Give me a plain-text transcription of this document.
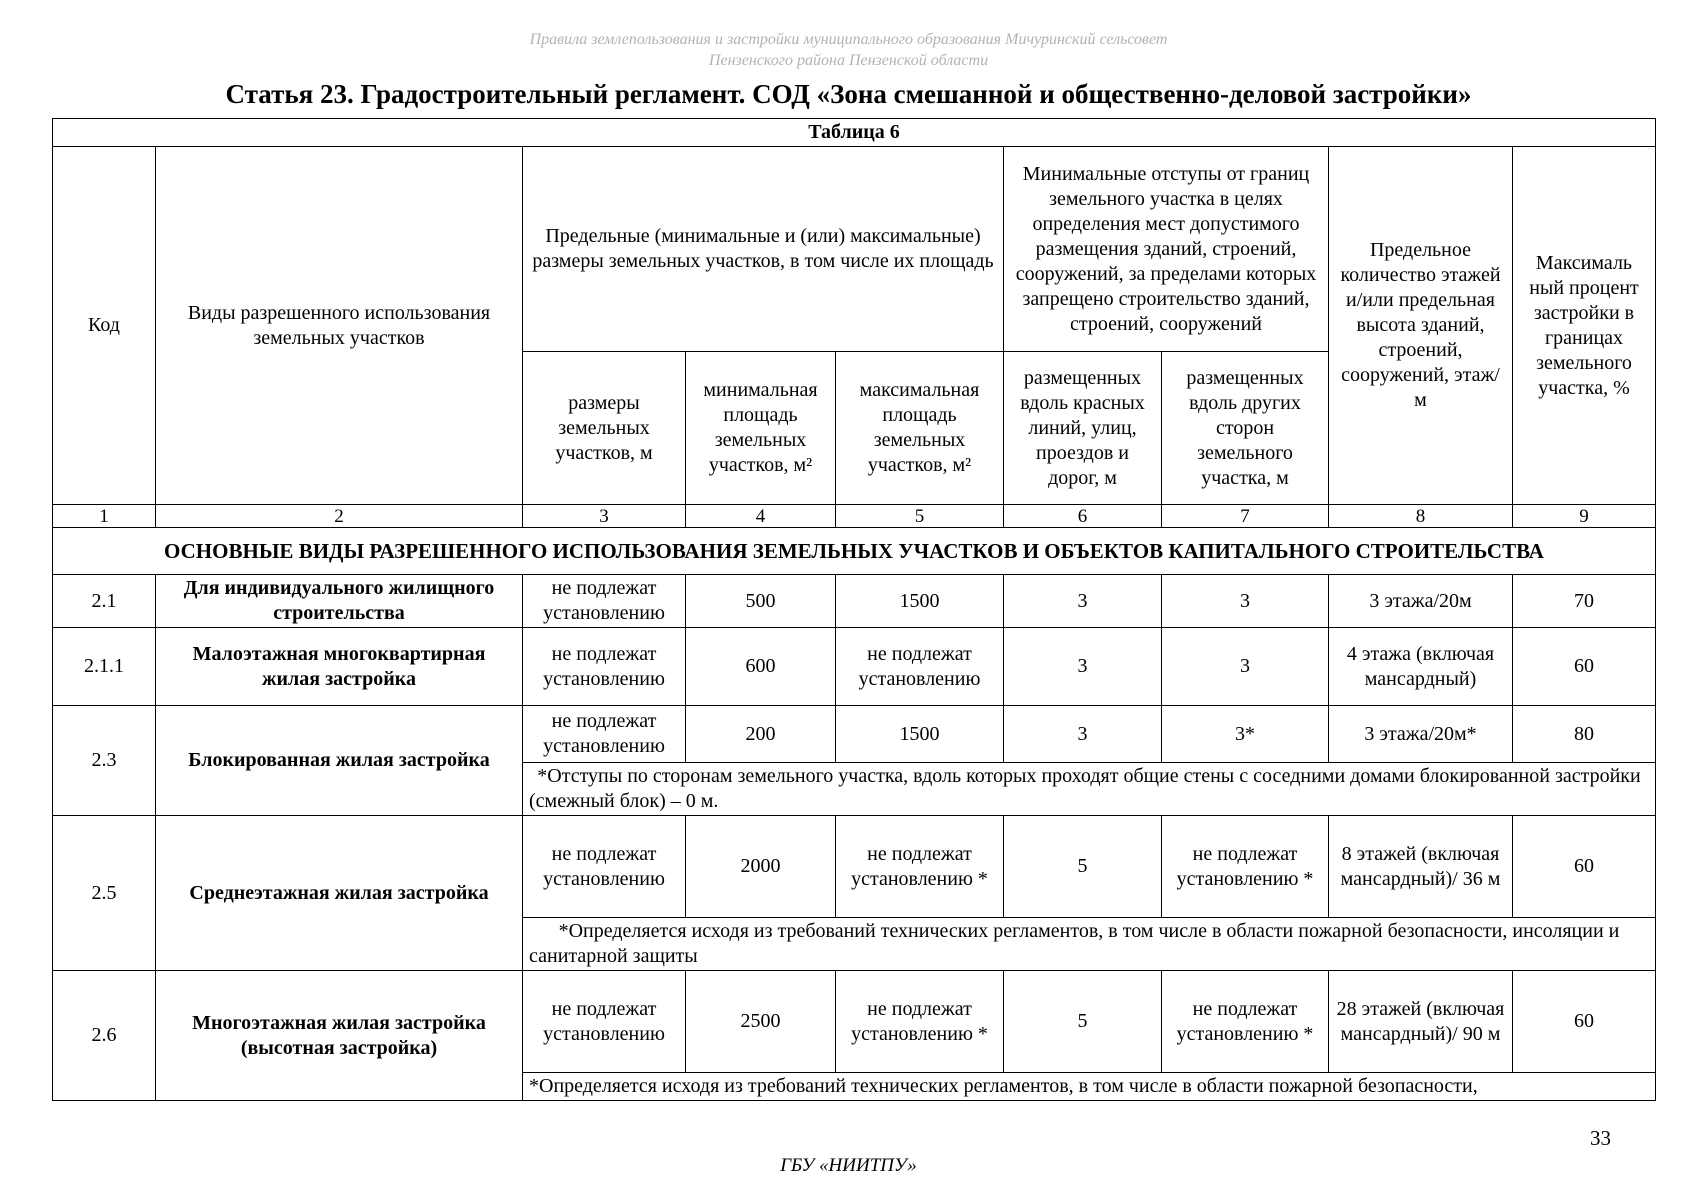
Правила землепользования и застройки муниципального образования Мичуринский сельсовет
Пензенского района Пензенской области
Статья 23. Градостроительный регламент. СОД «Зона смешанной и общественно-деловой застройки»
Таблица 6								
Код	Виды разрешенного использования земельных участков	Предельные (минимальные и (или) максимальные) размеры земельных участков, в том числе их площадь			Минимальные отступы от границ земельного участка в целях определения мест допустимого размещения зданий, строений, сооружений, за пределами которых запрещено строительство зданий, строений, сооружений		Предельное количество этажей и/или предельная высота зданий, строений, сооружений, этаж/м	Максималь ный процент застройки в границах земельного участка, %
		размеры земельных участков, м	минимальная площадь земельных участков, м²	максимальная площадь земельных участков, м²	размещенных вдоль красных линий, улиц, проездов и дорог, м	размещенных вдоль других сторон земельного участка, м		
1	2	3	4	5	6	7	8	9
ОСНОВНЫЕ ВИДЫ РАЗРЕШЕННОГО ИСПОЛЬЗОВАНИЯ ЗЕМЕЛЬНЫХ УЧАСТКОВ И ОБЪЕКТОВ КАПИТАЛЬНОГО СТРОИТЕЛЬСТВА								
2.1	Для индивидуального жилищного строительства	не подлежат установлению	500	1500	3	3	3 этажа/20м	70
2.1.1	Малоэтажная многоквартирная жилая застройка	не подлежат установлению	600	не подлежат установлению	3	3	4 этажа (включая мансардный)	60
2.3	Блокированная жилая застройка	не подлежат установлению	200	1500	3	3*	3 этажа/20м*	80
		*Отступы по сторонам земельного участка, вдоль которых проходят общие стены с соседними домами блокированной застройки (смежный блок) – 0 м.						
2.5	Среднеэтажная жилая застройка	не подлежат установлению	2000	не подлежат установлению *	5	не подлежат установлению *	8 этажей (включая мансардный)/ 36 м	60
		*Определяется исходя из требований технических регламентов, в том числе в области пожарной безопасности, инсоляции и санитарной защиты						
2.6	Многоэтажная жилая застройка (высотная застройка)	не подлежат установлению	2500	не подлежат установлению *	5	не подлежат установлению *	28 этажей (включая мансардный)/ 90 м	60
		*Определяется исходя из требований технических регламентов, в том числе в области пожарной безопасности,						
33
ГБУ «НИИТПУ»
